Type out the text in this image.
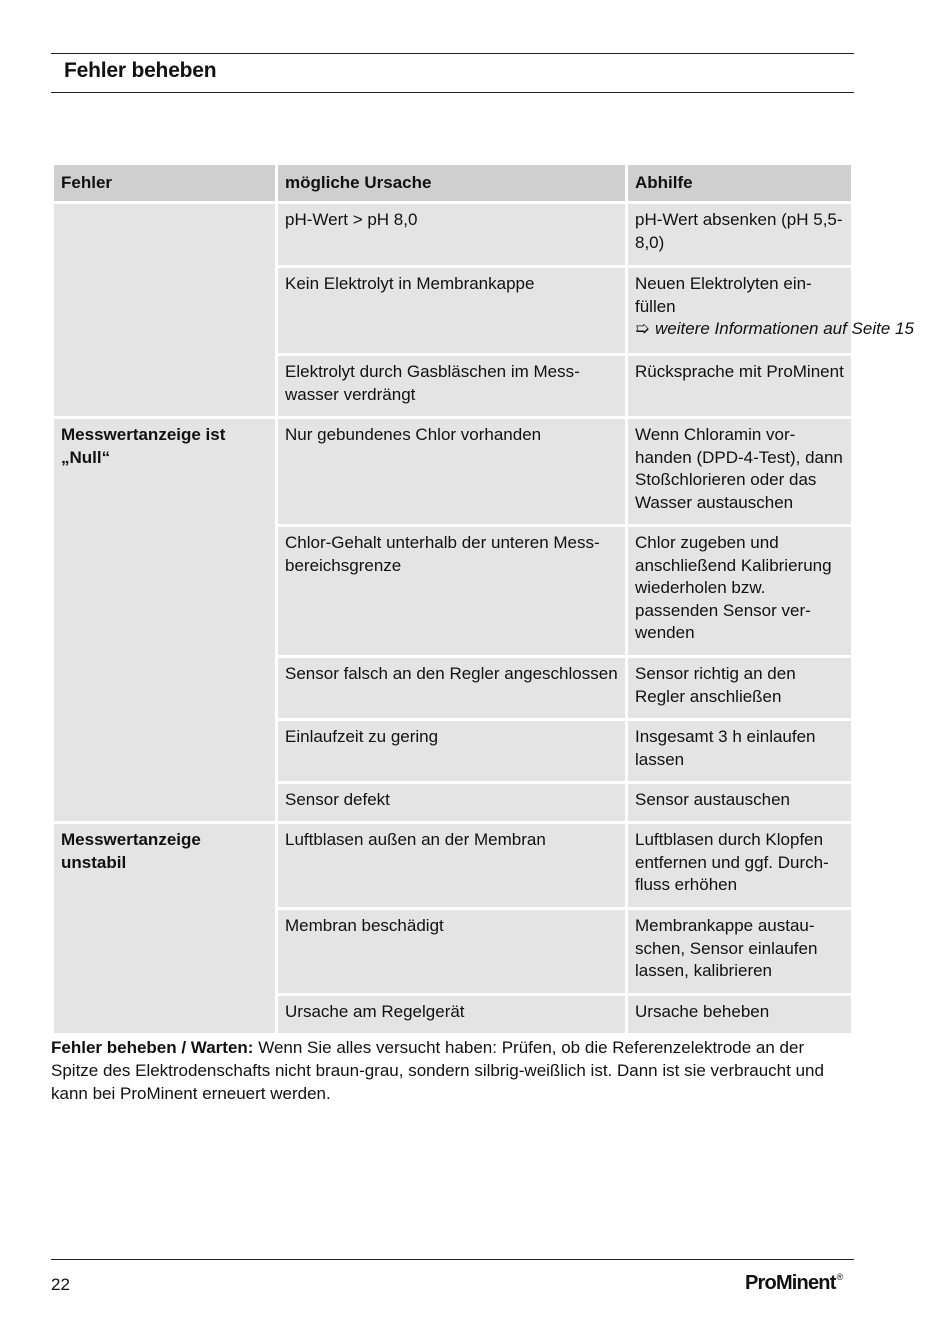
Fehler beheben
Fehler	mögliche Ursache	Abhilfe
	pH-Wert > pH 8,0	pH-Wert absenken (pH 5,5-8,0)
	Kein Elektrolyt in Membrankappe	Neuen Elektrolyten einfüllen
➯ weitere Informationen auf Seite 15

	Elektrolyt durch Gasbläschen im Messwasser verdrängt	Rücksprache mit ProMinent
Messwertanzeige ist „Null“	Nur gebundenes Chlor vorhanden	Wenn Chloramin vorhanden (DPD-4-Test), dann Stoßchlorieren oder das Wasser austauschen
	Chlor-Gehalt unterhalb der unteren Messbereichsgrenze	Chlor zugeben und anschließend Kalibrierung wiederholen bzw. passenden Sensor verwenden
	Sensor falsch an den Regler angeschlossen	Sensor richtig an den Regler anschließen
	Einlaufzeit zu gering	Insgesamt 3 h einlaufen lassen
	Sensor defekt	Sensor austauschen
Messwertanzeige unstabil	Luftblasen außen an der Membran	Luftblasen durch Klopfen entfernen und ggf. Durchfluss erhöhen
	Membran beschädigt	Membrankappe austauschen, Sensor einlaufen lassen, kalibrieren
	Ursache am Regelgerät	Ursache beheben

Fehler beheben / Warten: Wenn Sie alles versucht haben: Prüfen, ob die Referenzelektrode an der Spitze des Elektrodenschafts nicht braun-grau, sondern silbrig-weißlich ist. Dann ist sie verbraucht und kann bei ProMinent erneuert werden.

22	ProMinent®
